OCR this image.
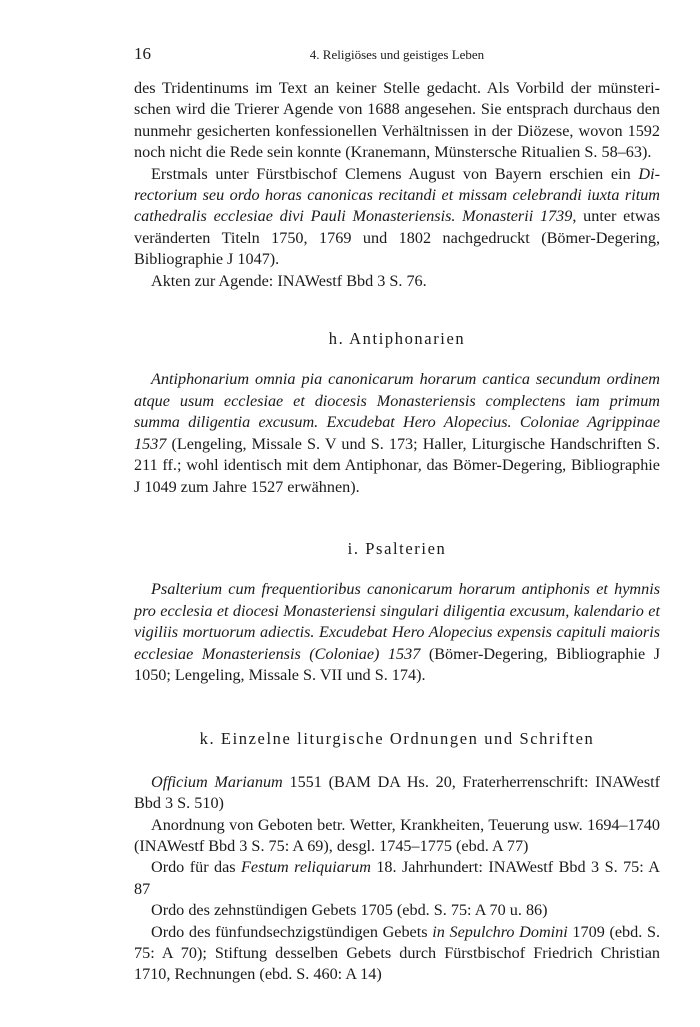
16	4. Religiöses und geistiges Leben

des Tridentinums im Text an keiner Stelle gedacht. Als Vorbild der münsterischen wird die Trierer Agende von 1688 angesehen. Sie entsprach durchaus den nunmehr gesicherten konfessionellen Verhältnissen in der Diözese, wovon 1592 noch nicht die Rede sein konnte (Kranemann, Münstersche Ritualien S. 58–63).

Erstmals unter Fürstbischof Clemens August von Bayern erschien ein Directorium seu ordo horas canonicas recitandi et missam celebrandi iuxta ritum cathedralis ecclesiae divi Pauli Monasteriensis. Monasterii 1739, unter etwas veränderten Titeln 1750, 1769 und 1802 nachgedruckt (Bömer-Degering, Bibliographie J 1047).

Akten zur Agende: INAWestf Bbd 3 S. 76.

h. Antiphonarien

Antiphonarium omnia pia canonicarum horarum cantica secundum ordinem atque usum ecclesiae et diocesis Monasteriensis complectens iam primum summa diligentia excusum. Excudebat Hero Alopecius. Coloniae Agrippinae 1537 (Lengeling, Missale S. V und S. 173; Haller, Liturgische Handschriften S. 211 ff.; wohl identisch mit dem Antiphonar, das Bömer-Degering, Bibliographie J 1049 zum Jahre 1527 erwähnen).

i. Psalterien

Psalterium cum frequentioribus canonicarum horarum antiphonis et hymnis pro ecclesia et diocesi Monasteriensi singulari diligentia excusum, kalendario et vigiliis mortuorum adiectis. Excudebat Hero Alopecius expensis capituli maioris ecclesiae Monasteriensis (Coloniae) 1537 (Bömer-Degering, Bibliographie J 1050; Lengeling, Missale S. VII und S. 174).

k. Einzelne liturgische Ordnungen und Schriften

Officium Marianum 1551 (BAM DA Hs. 20, Fraterherrenschrift: INAWestf Bbd 3 S. 510)

Anordnung von Geboten betr. Wetter, Krankheiten, Teuerung usw. 1694–1740 (INAWestf Bbd 3 S. 75: A 69), desgl. 1745–1775 (ebd. A 77)

Ordo für das Festum reliquiarum 18. Jahrhundert: INAWestf Bbd 3 S. 75: A 87

Ordo des zehnstündigen Gebets 1705 (ebd. S. 75: A 70 u. 86)

Ordo des fünfundsechzigstündigen Gebets in Sepulchro Domini 1709 (ebd. S. 75: A 70); Stiftung desselben Gebets durch Fürstbischof Friedrich Christian 1710, Rechnungen (ebd. S. 460: A 14)
